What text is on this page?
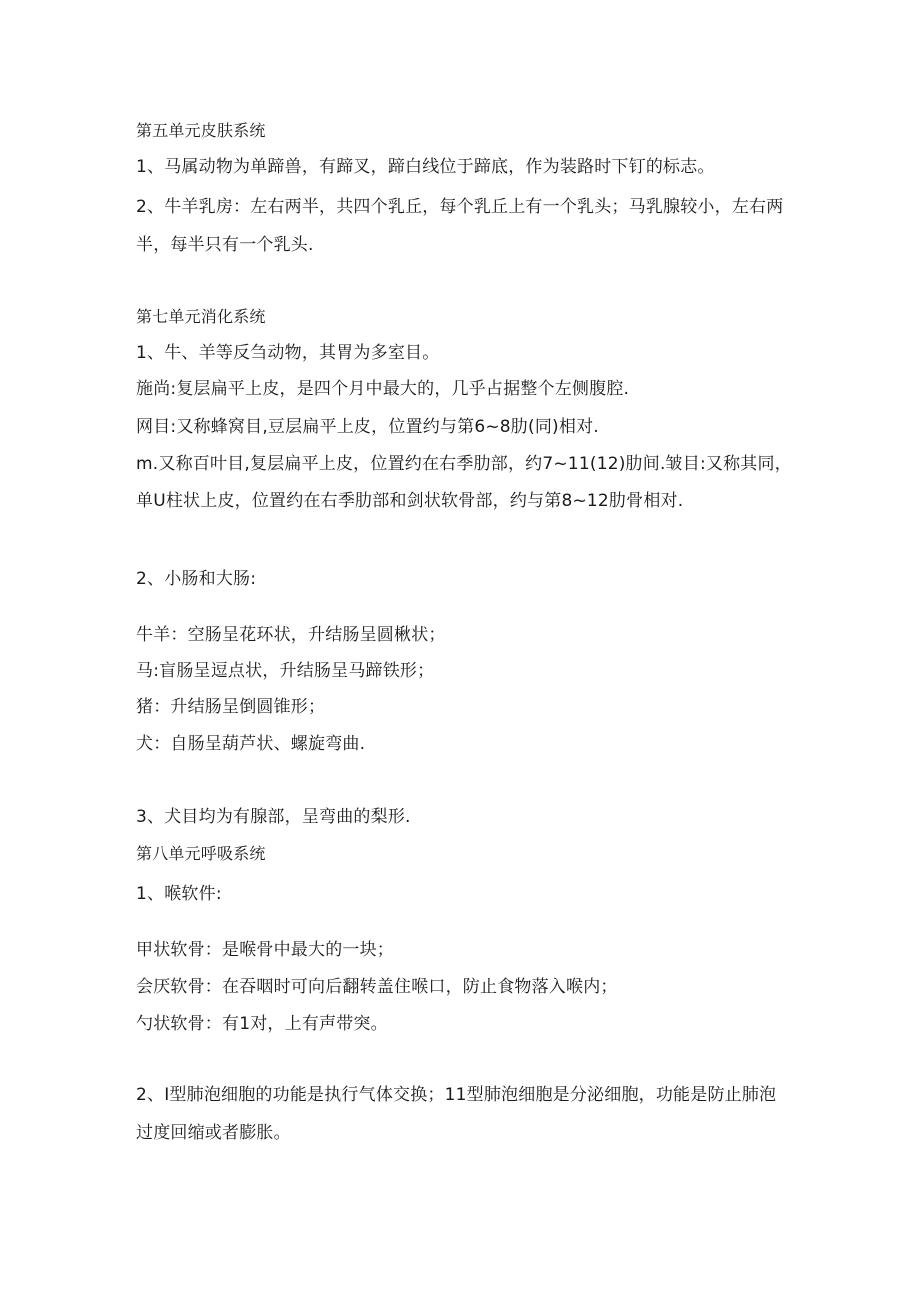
第五单元皮肤系统
1、马属动物为单蹄兽，有蹄叉，蹄白线位于蹄底，作为装路时下钉的标志。
2、牛羊乳房：左右两半，共四个乳丘，每个乳丘上有一个乳头；马乳腺较小，左右两
半，每半只有一个乳头.
第七单元消化系统
1、牛、羊等反刍动物，其胃为多室目。
施尚:复层扁平上皮，是四个月中最大的，几乎占据整个左侧腹腔.
网目:又称蜂窝目,豆层扁平上皮，位置约与第6~8肋(同)相对.
m.又称百叶目,复层扁平上皮，位置约在右季肋部，约7~11(12)肋间.皱目:又称其同，
单U柱状上皮，位置约在右季肋部和剑状软骨部，约与第8~12肋骨相对.
2、小肠和大肠:
牛羊：空肠呈花环状，升结肠呈圆楸状；
马:盲肠呈逗点状，升结肠呈马蹄铁形；
猪：升结肠呈倒圆锥形；
犬：自肠呈葫芦状、螺旋弯曲.
3、犬目均为有腺部，呈弯曲的梨形.
第八单元呼吸系统
1、喉软件:
甲状软骨：是喉骨中最大的一块；
会厌软骨：在吞咽时可向后翻转盖住喉口，防止食物落入喉内；
勺状软骨：有1对，上有声带突。
2、I型肺泡细胞的功能是执行气体交换；11型肺泡细胞是分泌细胞，功能是防止肺泡
过度回缩或者膨胀。
